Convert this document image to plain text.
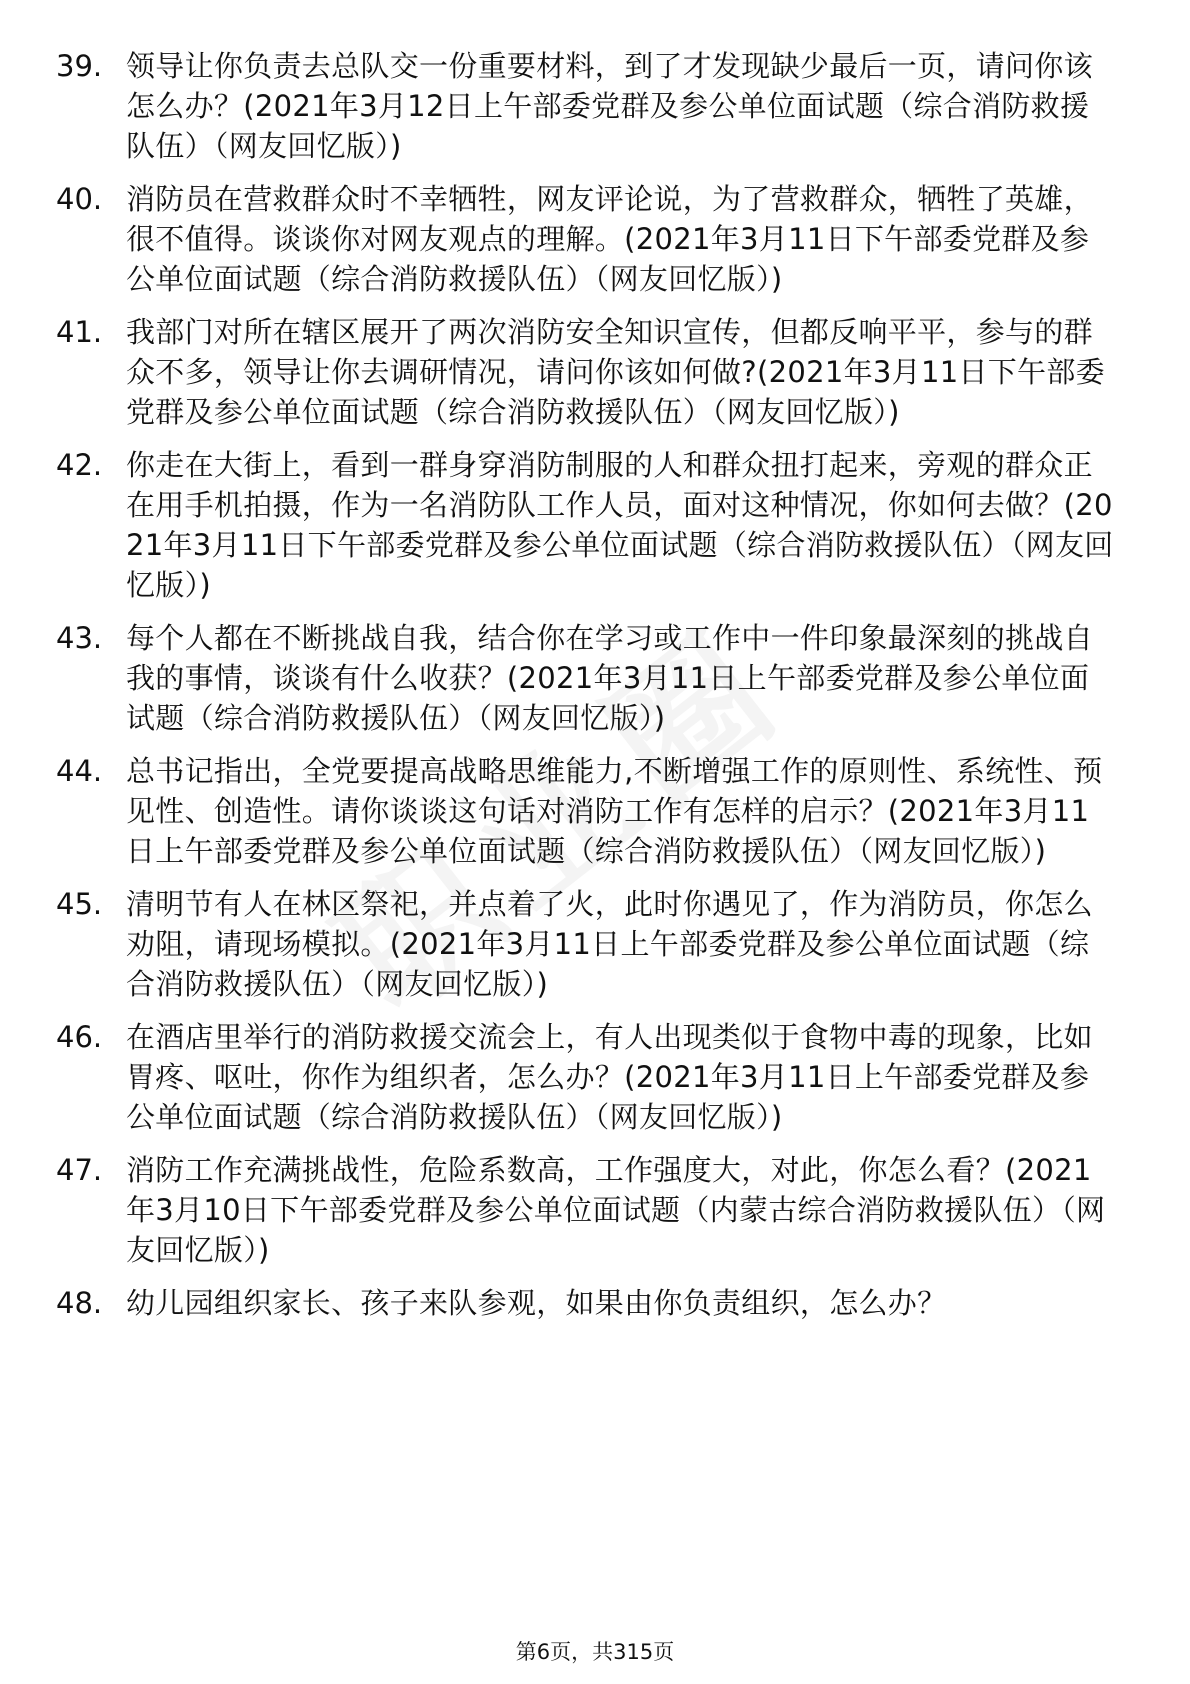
39. 领导让你负责去总队交一份重要材料，到了才发现缺少最后一页，请问你该怎么办？(2021年3月12日上午部委党群及参公单位面试题（综合消防救援队伍）（网友回忆版）)
40. 消防员在营救群众时不幸牺牲，网友评论说，为了营救群众，牺牲了英雄，很不值得。谈谈你对网友观点的理解。(2021年3月11日下午部委党群及参公单位面试题（综合消防救援队伍）（网友回忆版）)
41. 我部门对所在辖区展开了两次消防安全知识宣传，但都反响平平，参与的群众不多，领导让你去调研情况，请问你该如何做?(2021年3月11日下午部委党群及参公单位面试题（综合消防救援队伍）（网友回忆版）)
42. 你走在大街上，看到一群身穿消防制服的人和群众扭打起来，旁观的群众正在用手机拍摄，作为一名消防队工作人员，面对这种情况，你如何去做？(2021年3月11日下午部委党群及参公单位面试题（综合消防救援队伍）（网友回忆版）)
43. 每个人都在不断挑战自我，结合你在学习或工作中一件印象最深刻的挑战自我的事情，谈谈有什么收获？(2021年3月11日上午部委党群及参公单位面试题（综合消防救援队伍）（网友回忆版）)
44. 总书记指出，全党要提高战略思维能力,不断增强工作的原则性、系统性、预见性、创造性。请你谈谈这句话对消防工作有怎样的启示？(2021年3月11日上午部委党群及参公单位面试题（综合消防救援队伍）（网友回忆版）)
45. 清明节有人在林区祭祀，并点着了火，此时你遇见了，作为消防员，你怎么劝阻，请现场模拟。(2021年3月11日上午部委党群及参公单位面试题（综合消防救援队伍）（网友回忆版）)
46. 在酒店里举行的消防救援交流会上，有人出现类似于食物中毒的现象，比如胃疼、呕吐，你作为组织者，怎么办？(2021年3月11日上午部委党群及参公单位面试题（综合消防救援队伍）（网友回忆版）)
47. 消防工作充满挑战性，危险系数高，工作强度大，对此，你怎么看？(2021年3月10日下午部委党群及参公单位面试题（内蒙古综合消防救援队伍）（网友回忆版）)
48. 幼儿园组织家长、孩子来队参观，如果由你负责组织，怎么办？
第6页，共315页
